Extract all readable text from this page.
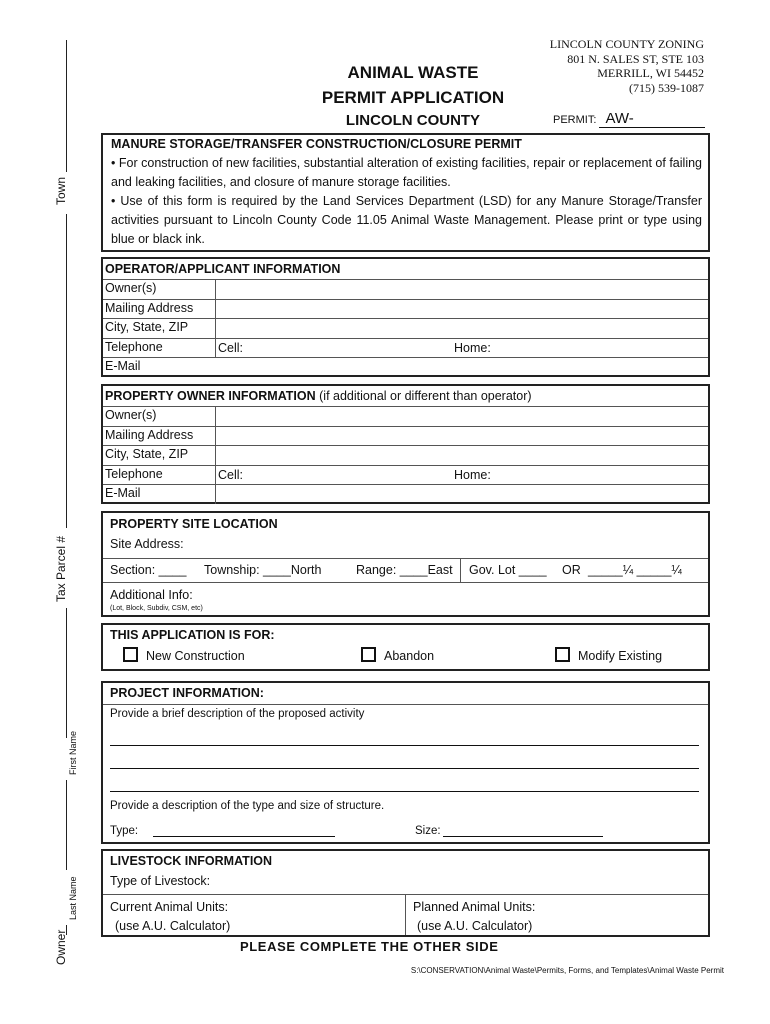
Town
Tax Parcel #
First Name
Last Name
Owner
LINCOLN COUNTY ZONING
801 N. SALES ST, STE 103
MERRILL, WI 54452
(715) 539-1087
ANIMAL WASTE
PERMIT APPLICATION
LINCOLN COUNTY	PERMIT: AW-
MANURE STORAGE/TRANSFER CONSTRUCTION/CLOSURE PERMIT
• For construction of new facilities, substantial alteration of existing facilities, repair or replacement of failing and leaking facilities, and closure of manure storage facilities.
• Use of this form is required by the Land Services Department (LSD) for any Manure Storage/Transfer activities pursuant to Lincoln County Code 11.05 Animal Waste Management. Please print or type using blue or black ink.
OPERATOR/APPLICANT INFORMATION
Owner(s)
Mailing Address
City, State, ZIP
Telephone	Cell:	Home:
E-Mail
PROPERTY OWNER INFORMATION (if additional or different than operator)
Owner(s)
Mailing Address
City, State, ZIP
Telephone	Cell:	Home:
E-Mail
PROPERTY SITE LOCATION
Site Address:
Section: ____ Township: ____North	Range: ____East Gov. Lot ____ OR _____¼ _____¼
Additional Info:
(Lot, Block, Subdiv, CSM, etc)
THIS APPLICATION IS FOR:
New Construction	Abandon	Modify Existing
PROJECT INFORMATION:
Provide a brief description of the proposed activity
Provide a description of the type and size of structure.
Type:	Size:
LIVESTOCK INFORMATION
Type of Livestock:
Current Animal Units:
(use A.U. Calculator)
Planned Animal Units:
(use A.U. Calculator)
PLEASE COMPLETE THE OTHER SIDE
S:\CONSERVATION\Animal Waste\Permits, Forms, and Templates\Animal Waste Permit
